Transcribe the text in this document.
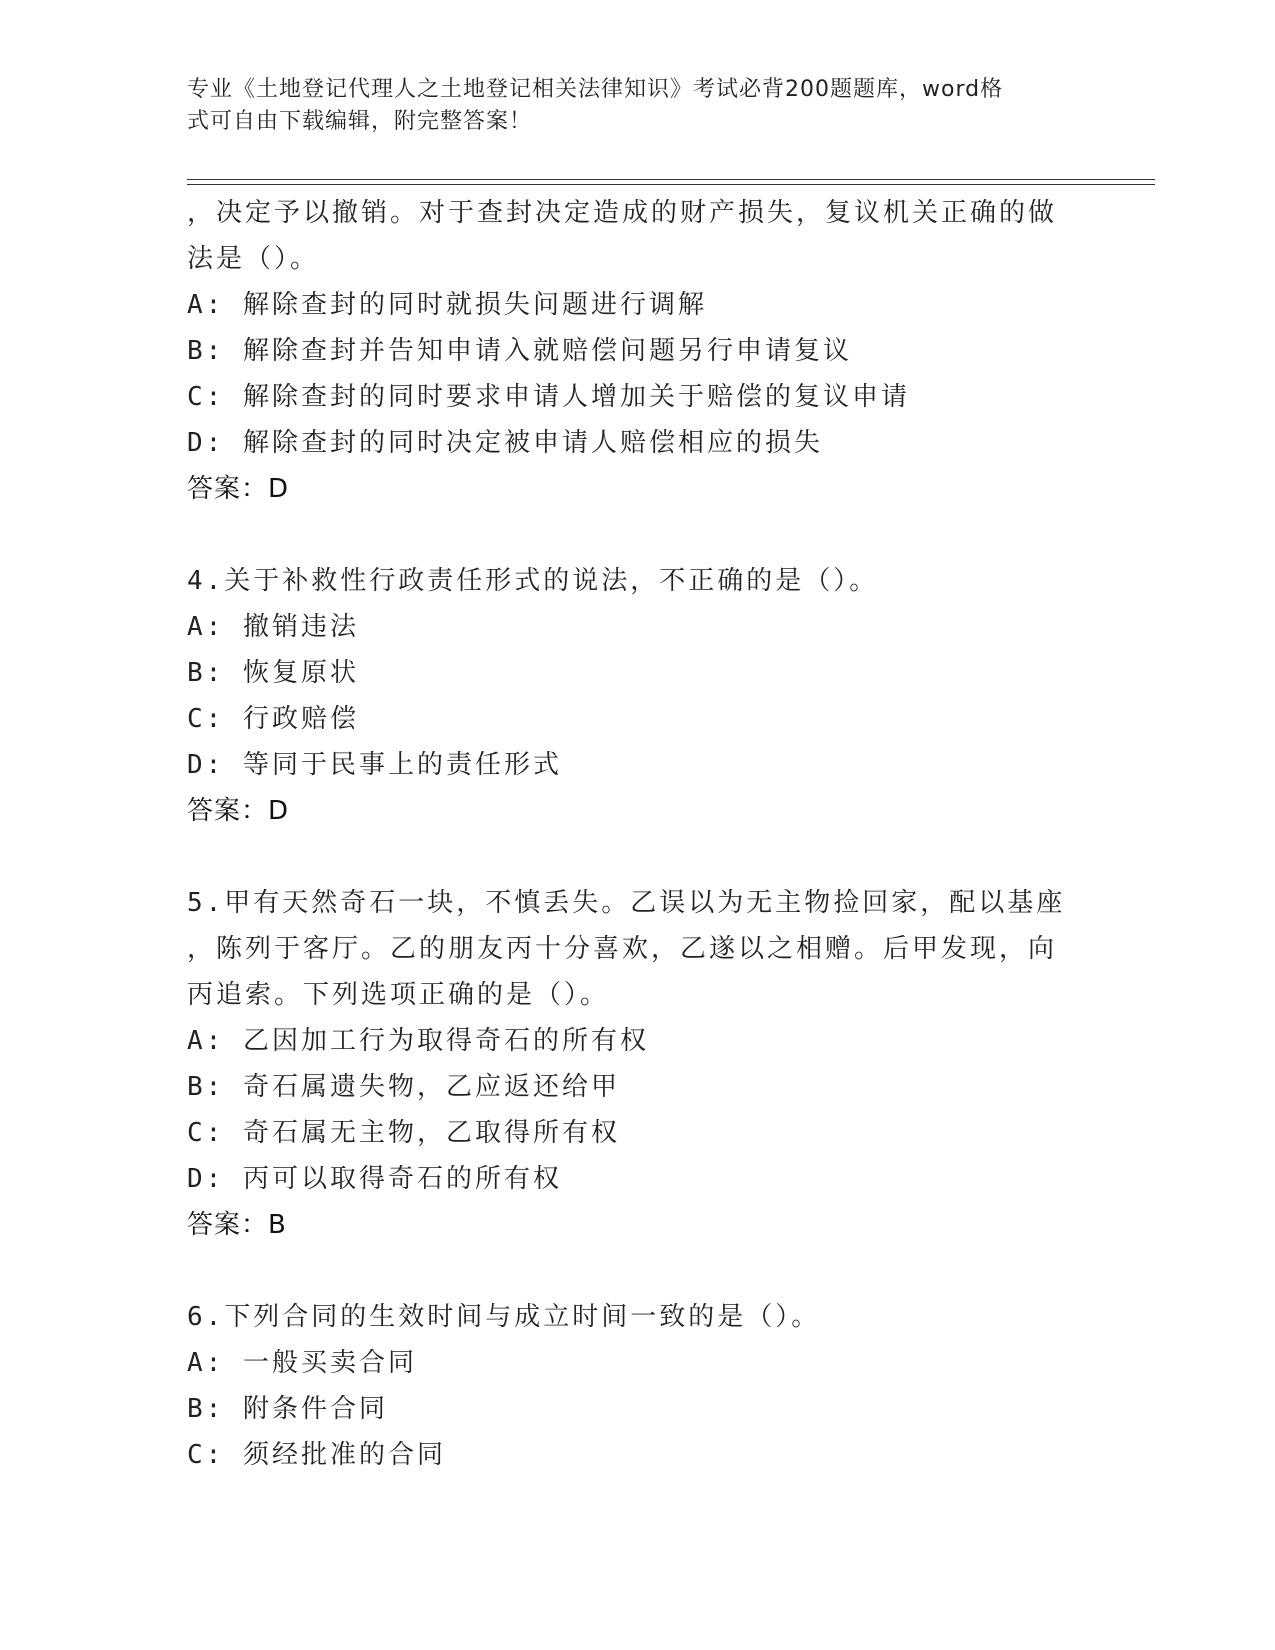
专业《土地登记代理人之土地登记相关法律知识》考试必背200题题库，word格
式可自由下载编辑，附完整答案！
，决定予以撤销。对于查封决定造成的财产损失，复议机关正确的做
法是（）。
A: 解除查封的同时就损失问题进行调解
B: 解除查封并告知申请入就赔偿问题另行申请复议
C: 解除查封的同时要求申请人增加关于赔偿的复议申请
D: 解除查封的同时决定被申请人赔偿相应的损失
答案：D
4.关于补救性行政责任形式的说法，不正确的是（）。
A: 撤销违法
B: 恢复原状
C: 行政赔偿
D: 等同于民事上的责任形式
答案：D
5.甲有天然奇石一块，不慎丢失。乙误以为无主物捡回家，配以基座
，陈列于客厅。乙的朋友丙十分喜欢，乙遂以之相赠。后甲发现，向
丙追索。下列选项正确的是（）。
A: 乙因加工行为取得奇石的所有权
B: 奇石属遗失物，乙应返还给甲
C: 奇石属无主物，乙取得所有权
D: 丙可以取得奇石的所有权
答案：B
6.下列合同的生效时间与成立时间一致的是（）。
A: 一般买卖合同
B: 附条件合同
C: 须经批准的合同
